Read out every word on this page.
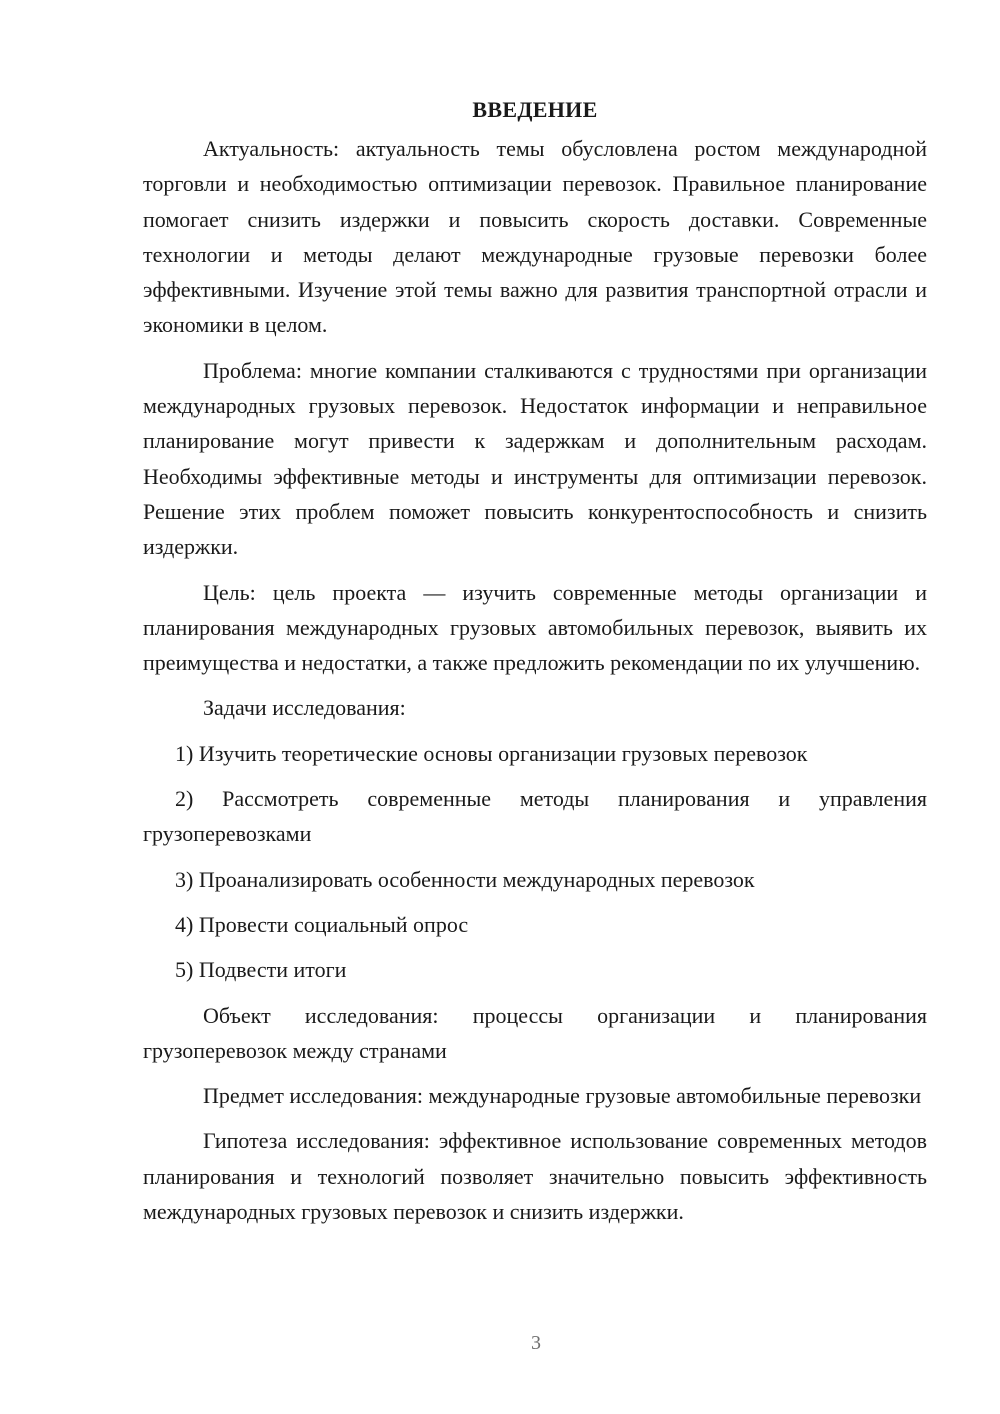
ВВЕДЕНИЕ

Актуальность: актуальность темы обусловлена ростом международной торговли и необходимостью оптимизации перевозок. Правильное планирование помогает снизить издержки и повысить скорость доставки. Современные технологии и методы делают международные грузовые перевозки более эффективными. Изучение этой темы важно для развития транспортной отрасли и экономики в целом.

Проблема: многие компании сталкиваются с трудностями при организации международных грузовых перевозок. Недостаток информации и неправильное планирование могут привести к задержкам и дополнительным расходам. Необходимы эффективные методы и инструменты для оптимизации перевозок. Решение этих проблем поможет повысить конкурентоспособность и снизить издержки.

Цель: цель проекта — изучить современные методы организации и планирования международных грузовых автомобильных перевозок, выявить их преимущества и недостатки, а также предложить рекомендации по их улучшению.

Задачи исследования:

1) Изучить теоретические основы организации грузовых перевозок

2) Рассмотреть современные методы планирования и управления грузоперевозками

3) Проанализировать особенности международных перевозок

4) Провести социальный опрос

5) Подвести итоги

Объект исследования: процессы организации и планирования грузоперевозок между странами

Предмет исследования: международные грузовые автомобильные перевозки

Гипотеза исследования: эффективное использование современных методов планирования и технологий позволяет значительно повысить эффективность международных грузовых перевозок и снизить издержки.

3
